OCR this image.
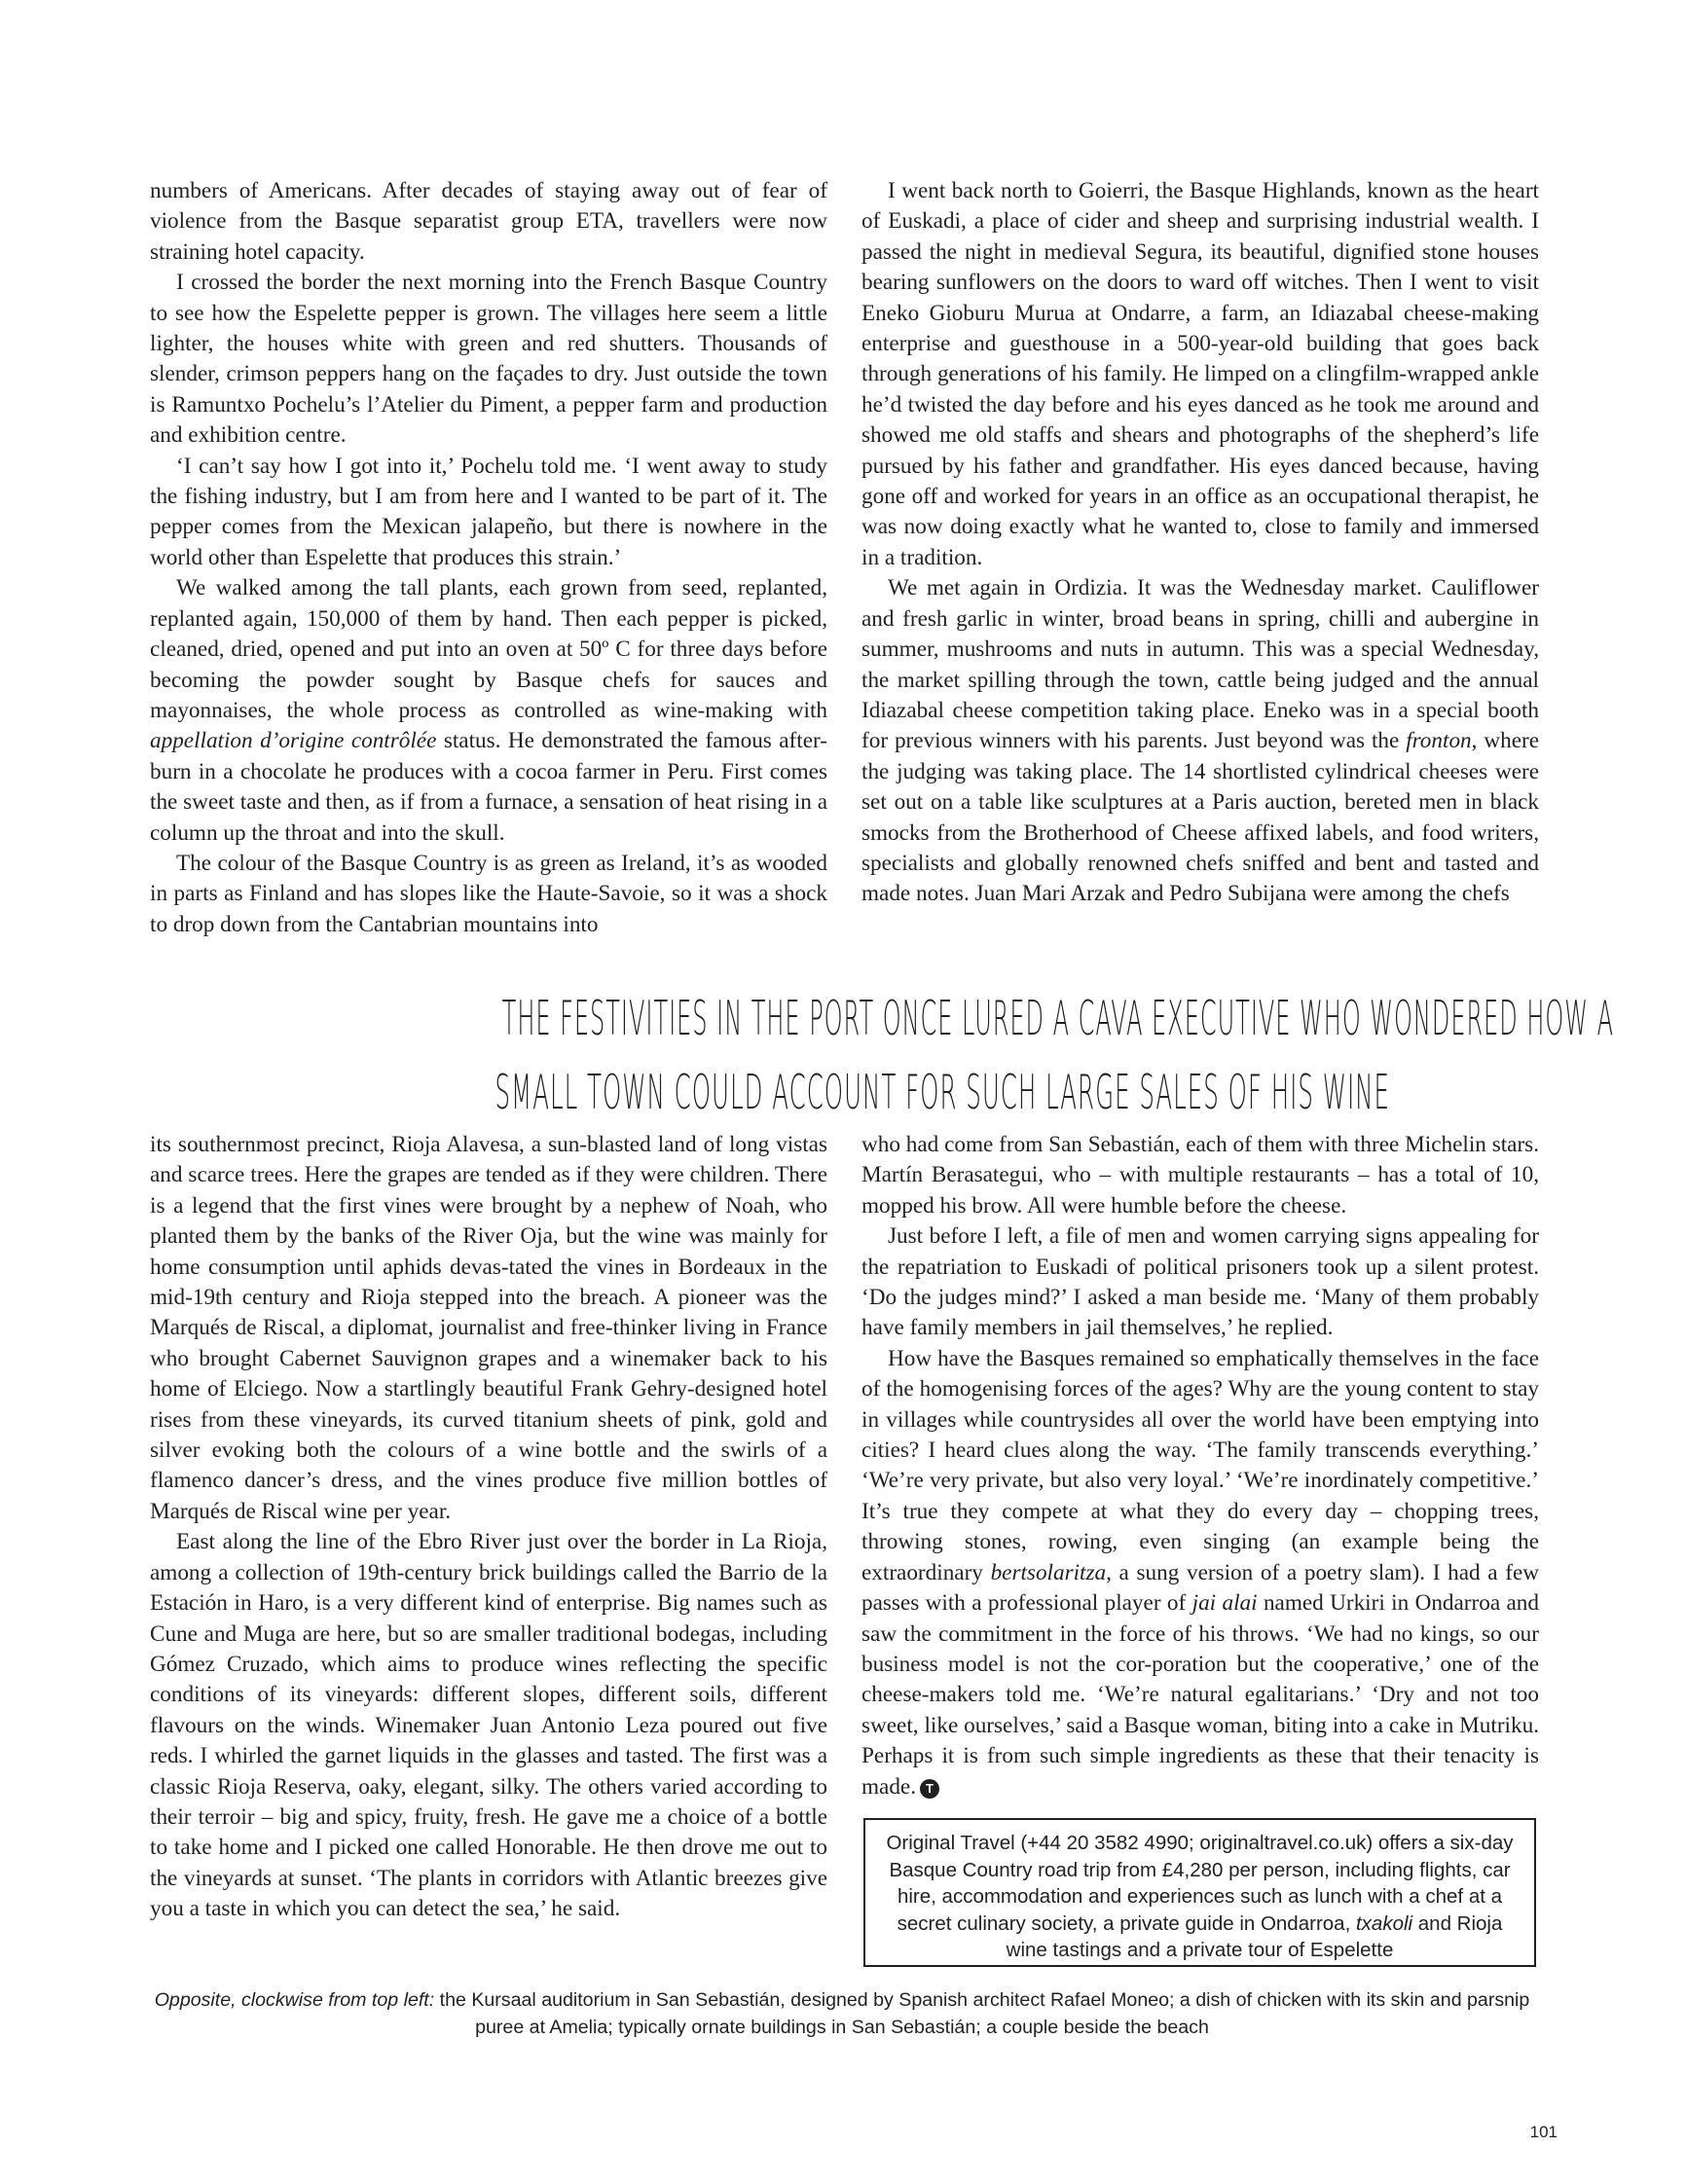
numbers of Americans. After decades of staying away out of fear of violence from the Basque separatist group ETA, travellers were now straining hotel capacity.

I crossed the border the next morning into the French Basque Country to see how the Espelette pepper is grown. The villages here seem a little lighter, the houses white with green and red shutters. Thousands of slender, crimson peppers hang on the façades to dry. Just outside the town is Ramuntxo Pochelu’s l’Atelier du Piment, a pepper farm and production and exhibition centre.

‘I can’t say how I got into it,’ Pochelu told me. ‘I went away to study the fishing industry, but I am from here and I wanted to be part of it. The pepper comes from the Mexican jalapeño, but there is nowhere in the world other than Espelette that produces this strain.’

We walked among the tall plants, each grown from seed, replanted, replanted again, 150,000 of them by hand. Then each pepper is picked, cleaned, dried, opened and put into an oven at 50º C for three days before becoming the powder sought by Basque chefs for sauces and mayonnaises, the whole process as controlled as wine-making with appellation d’origine contrôlée status. He demonstrated the famous after-burn in a chocolate he produces with a cocoa farmer in Peru. First comes the sweet taste and then, as if from a furnace, a sensation of heat rising in a column up the throat and into the skull.

The colour of the Basque Country is as green as Ireland, it’s as wooded in parts as Finland and has slopes like the Haute-Savoie, so it was a shock to drop down from the Cantabrian mountains into

I went back north to Goierri, the Basque Highlands, known as the heart of Euskadi, a place of cider and sheep and surprising industrial wealth. I passed the night in medieval Segura, its beautiful, dignified stone houses bearing sunflowers on the doors to ward off witches. Then I went to visit Eneko Gioburu Murua at Ondarre, a farm, an Idiazabal cheese-making enterprise and guesthouse in a 500-year-old building that goes back through generations of his family. He limped on a clingfilm-wrapped ankle he’d twisted the day before and his eyes danced as he took me around and showed me old staffs and shears and photographs of the shepherd’s life pursued by his father and grandfather. His eyes danced because, having gone off and worked for years in an office as an occupational therapist, he was now doing exactly what he wanted to, close to family and immersed in a tradition.

We met again in Ordizia. It was the Wednesday market. Cauliflower and fresh garlic in winter, broad beans in spring, chilli and aubergine in summer, mushrooms and nuts in autumn. This was a special Wednesday, the market spilling through the town, cattle being judged and the annual Idiazabal cheese competition taking place. Eneko was in a special booth for previous winners with his parents. Just beyond was the fronton, where the judging was taking place. The 14 shortlisted cylindrical cheeses were set out on a table like sculptures at a Paris auction, bereted men in black smocks from the Brotherhood of Cheese affixed labels, and food writers, specialists and globally renowned chefs sniffed and bent and tasted and made notes. Juan Mari Arzak and Pedro Subijana were among the chefs

THE FESTIVITIES IN THE PORT ONCE LURED A CAVA EXECUTIVE WHO WONDERED HOW A
SMALL TOWN COULD ACCOUNT FOR SUCH LARGE SALES OF HIS WINE

its southernmost precinct, Rioja Alavesa, a sun-blasted land of long vistas and scarce trees. Here the grapes are tended as if they were children. There is a legend that the first vines were brought by a nephew of Noah, who planted them by the banks of the River Oja, but the wine was mainly for home consumption until aphids devas-tated the vines in Bordeaux in the mid-19th century and Rioja stepped into the breach. A pioneer was the Marqués de Riscal, a diplomat, journalist and free-thinker living in France who brought Cabernet Sauvignon grapes and a winemaker back to his home of Elciego. Now a startlingly beautiful Frank Gehry-designed hotel rises from these vineyards, its curved titanium sheets of pink, gold and silver evoking both the colours of a wine bottle and the swirls of a flamenco dancer’s dress, and the vines produce five million bottles of Marqués de Riscal wine per year.

East along the line of the Ebro River just over the border in La Rioja, among a collection of 19th-century brick buildings called the Barrio de la Estación in Haro, is a very different kind of enterprise. Big names such as Cune and Muga are here, but so are smaller traditional bodegas, including Gómez Cruzado, which aims to produce wines reflecting the specific conditions of its vineyards: different slopes, different soils, different flavours on the winds. Winemaker Juan Antonio Leza poured out five reds. I whirled the garnet liquids in the glasses and tasted. The first was a classic Rioja Reserva, oaky, elegant, silky. The others varied according to their terroir – big and spicy, fruity, fresh. He gave me a choice of a bottle to take home and I picked one called Honorable. He then drove me out to the vineyards at sunset. ‘The plants in corridors with Atlantic breezes give you a taste in which you can detect the sea,’ he said.

who had come from San Sebastián, each of them with three Michelin stars. Martín Berasategui, who – with multiple restaurants – has a total of 10, mopped his brow. All were humble before the cheese.

Just before I left, a file of men and women carrying signs appealing for the repatriation to Euskadi of political prisoners took up a silent protest. ‘Do the judges mind?’ I asked a man beside me. ‘Many of them probably have family members in jail themselves,’ he replied.

How have the Basques remained so emphatically themselves in the face of the homogenising forces of the ages? Why are the young content to stay in villages while countrysides all over the world have been emptying into cities? I heard clues along the way. ‘The family transcends everything.’ ‘We’re very private, but also very loyal.’ ‘We’re inordinately competitive.’ It’s true they compete at what they do every day – chopping trees, throwing stones, rowing, even singing (an example being the extraordinary bertsolaritza, a sung version of a poetry slam). I had a few passes with a professional player of jai alai named Urkiri in Ondarroa and saw the commitment in the force of his throws. ‘We had no kings, so our business model is not the cor-poration but the cooperative,’ one of the cheese-makers told me. ‘We’re natural egalitarians.’ ‘Dry and not too sweet, like ourselves,’ said a Basque woman, biting into a cake in Mutriku. Perhaps it is from such simple ingredients as these that their tenacity is made. T

Original Travel (+44 20 3582 4990; originaltravel.co.uk) offers a six-day Basque Country road trip from £4,280 per person, including flights, car hire, accommodation and experiences such as lunch with a chef at a secret culinary society, a private guide in Ondarroa, txakoli and Rioja wine tastings and a private tour of Espelette
Opposite, clockwise from top left: the Kursaal auditorium in San Sebastián, designed by Spanish architect Rafael Moneo; a dish of chicken with its skin and parsnip puree at Amelia; typically ornate buildings in San Sebastián; a couple beside the beach
101
